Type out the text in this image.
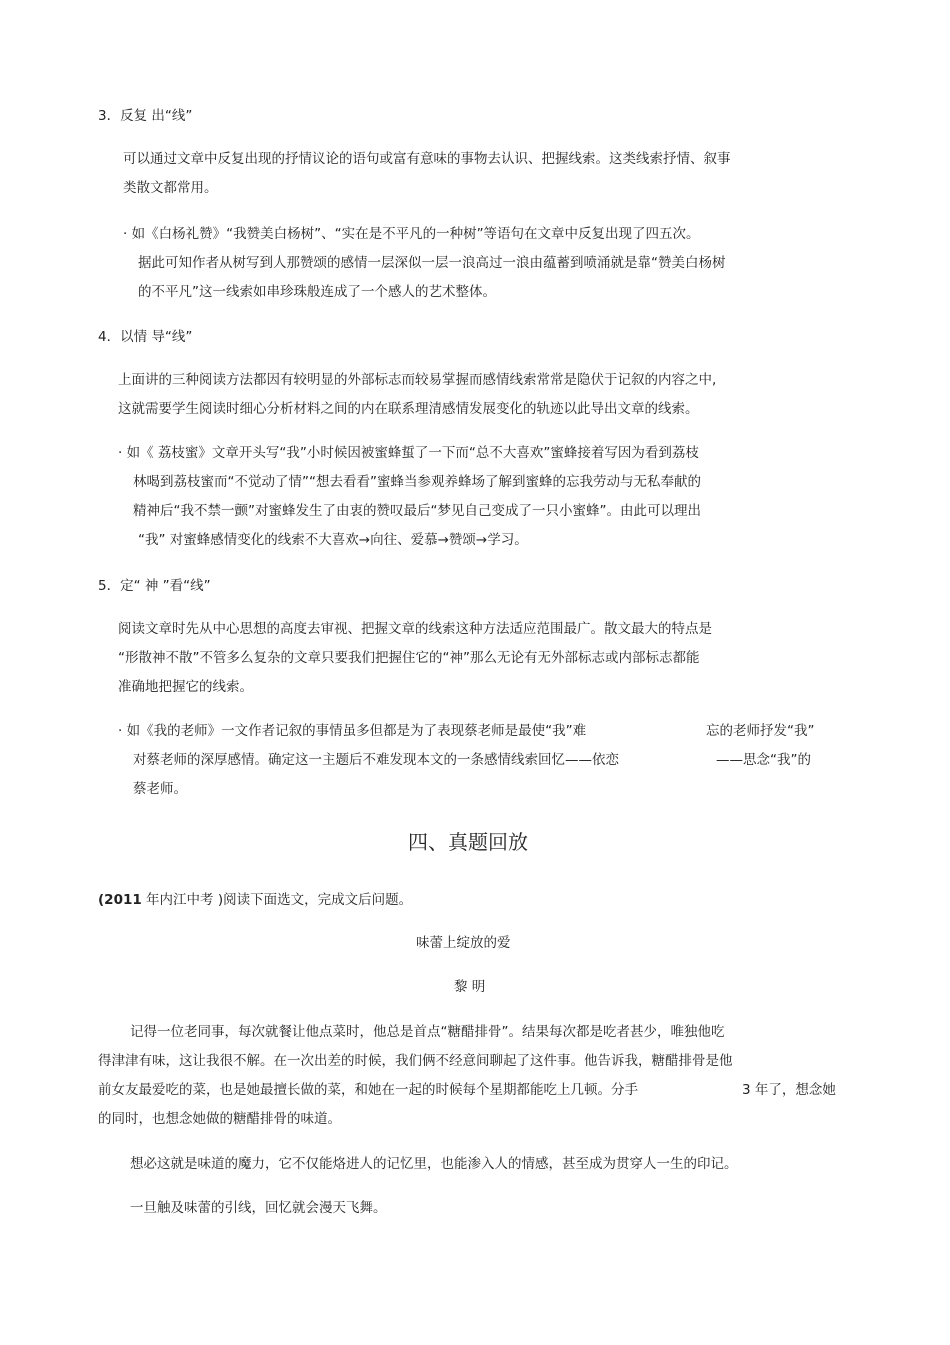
3．反复 出“线”
可以通过文章中反复出现的抒情议论的语句或富有意味的事物去认识、把握线索。这类线索抒情、叙事
类散文都常用。
· 如《白杨礼赞》“我赞美白杨树”、“实在是不平凡的一种树”等语句在文章中反复出现了四五次。
据此可知作者从树写到人那赞颂的感情一层深似一层一浪高过一浪由蕴蓄到喷涌就是靠“赞美白杨树
的不平凡”这一线索如串珍珠般连成了一个感人的艺术整体。
4．以情 导“线”
上面讲的三种阅读方法都因有较明显的外部标志而较易掌握而感情线索常常是隐伏于记叙的内容之中,
这就需要学生阅读时细心分析材料之间的内在联系理清感情发展变化的轨迹以此导出文章的线索。
· 如《 荔枝蜜》文章开头写“我”小时候因被蜜蜂蜇了一下而“总不大喜欢”蜜蜂接着写因为看到荔枝
林喝到荔枝蜜而“不觉动了情”“想去看看”蜜蜂当参观养蜂场了解到蜜蜂的忘我劳动与无私奉献的
精神后“我不禁一颤”对蜜蜂发生了由衷的赞叹最后“梦见自己变成了一只小蜜蜂”。由此可以理出
“我” 对蜜蜂感情变化的线索不大喜欢→向往、爱慕→赞颂→学习。
5．定“ 神 ”看“线”
阅读文章时先从中心思想的高度去审视、把握文章的线索这种方法适应范围最广。散文最大的特点是
“形散神不散”不管多么复杂的文章只要我们把握住它的“神”那么无论有无外部标志或内部标志都能
准确地把握它的线索。
· 如《我的老师》一文作者记叙的事情虽多但都是为了表现蔡老师是最使“我”难	忘的老师抒发“我”
对蔡老师的深厚感情。确定这一主题后不难发现本文的一条感情线索回忆——依恋	——思念“我”的
蔡老师。
四、真题回放
(2011 年内江中考 )阅读下面选文，完成文后问题。
味蕾上绽放的爱
黎 明
记得一位老同事，每次就餐让他点菜时，他总是首点“糖醋排骨”。结果每次都是吃者甚少，唯独他吃
得津津有味，这让我很不解。在一次出差的时候，我们俩不经意间聊起了这件事。他告诉我，糖醋排骨是他
前女友最爱吃的菜，也是她最擅长做的菜，和她在一起的时候每个星期都能吃上几顿。分手	3 年了，想念她
的同时，也想念她做的糖醋排骨的味道。
想必这就是味道的魔力，它不仅能烙进人的记忆里，也能渗入人的情感，甚至成为贯穿人一生的印记。
一旦触及味蕾的引线，回忆就会漫天飞舞。
